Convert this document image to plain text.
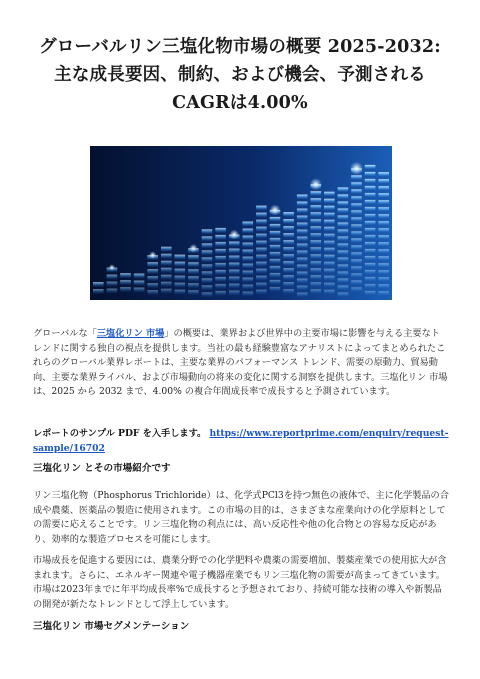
グローバルリン三塩化物市場の概要 2025-2032:
主な成長要因、制約、および機会、予測される
CAGRは4.00%
グローバルな「三塩化リン 市場」の概要は、業界および世界中の主要市場に影響を与える主要なトレンドに関する独自の視点を提供します。当社の最も経験豊富なアナリストによってまとめられたこれらのグローバル業界レポートは、主要な業界のパフォーマンス トレンド、需要の原動力、貿易動向、主要な業界ライバル、および市場動向の将来の変化に関する洞察を提供します。三塩化リン 市場は、2025 から 2032 まで、4.00% の複合年間成長率で成長すると予測されています。
レポートのサンプル PDF を入手します。 https://www.reportprime.com/enquiry/request-sample/16702
三塩化リン とその市場紹介です
リン三塩化物（Phosphorus Trichloride）は、化学式PCl3を持つ無色の液体で、主に化学製品の合成や農薬、医薬品の製造に使用されます。この市場の目的は、さまざまな産業向けの化学原料としての需要に応えることです。リン三塩化物の利点には、高い反応性や他の化合物との容易な反応があり、効率的な製造プロセスを可能にします。
市場成長を促進する要因には、農業分野での化学肥料や農薬の需要増加、製薬産業での使用拡大が含まれます。さらに、エネルギー関連や電子機器産業でもリン三塩化物の需要が高まってきています。市場は2023年までに年平均成長率%で成長すると予想されており、持続可能な技術の導入や新製品の開発が新たなトレンドとして浮上しています。
三塩化リン 市場セグメンテーション
